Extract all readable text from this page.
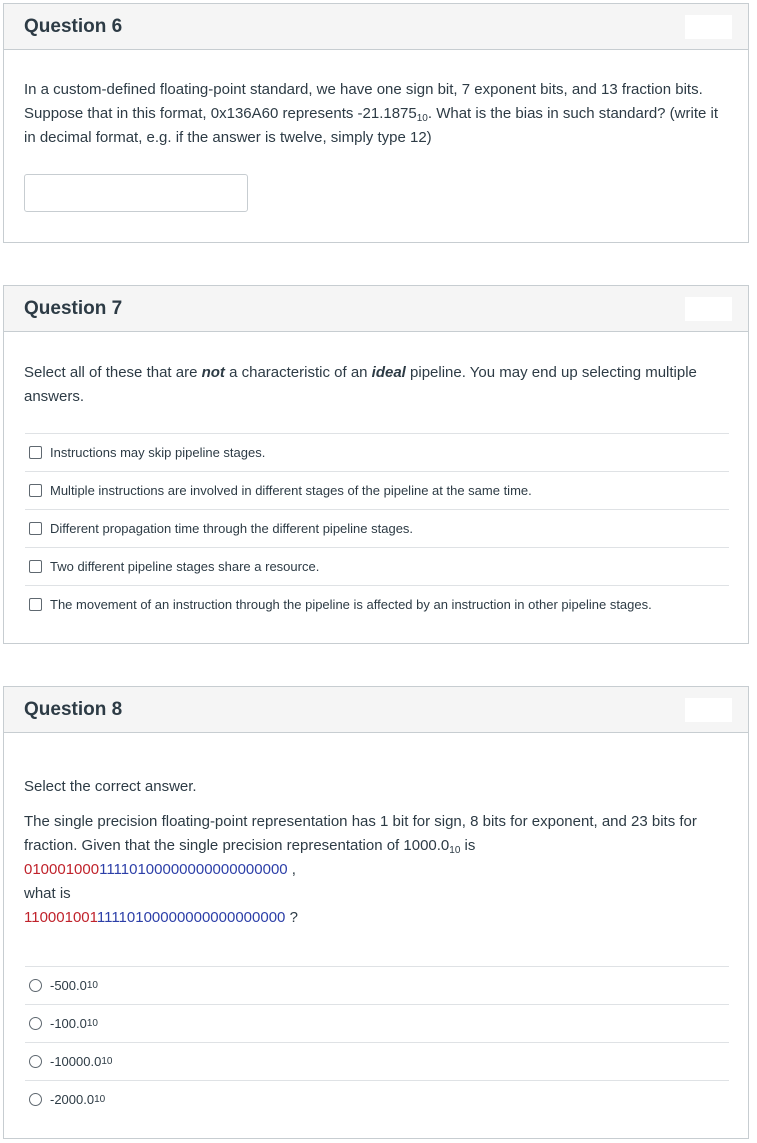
Question 6
In a custom-defined floating-point standard, we have one sign bit, 7 exponent bits, and 13 fraction bits. Suppose that in this format, 0x136A60 represents $-21.1875_{10}$. What is the bias in such standard? (write it in decimal format, e.g. if the answer is twelve, simply type 12)
Question 7
Select all of these that are not a characteristic of an ideal pipeline. You may end up selecting multiple answers.
Instructions may skip pipeline stages.
Multiple instructions are involved in different stages of the pipeline at the same time.
Different propagation time through the different pipeline stages.
Two different pipeline stages share a resource.
The movement of an instruction through the pipeline is affected by an instruction in other pipeline stages.
Question 8
Select the correct answer.
The single precision floating-point representation has 1 bit for sign, 8 bits for exponent, and 23 bits for fraction. Given that the single precision representation of $1000.0_{10}$ is
01000100011110100000000000000000 ,
what is
11000100111110100000000000000000 ?
-500.0 10
-100.0 10
-10000.0 10
-2000.0 10
